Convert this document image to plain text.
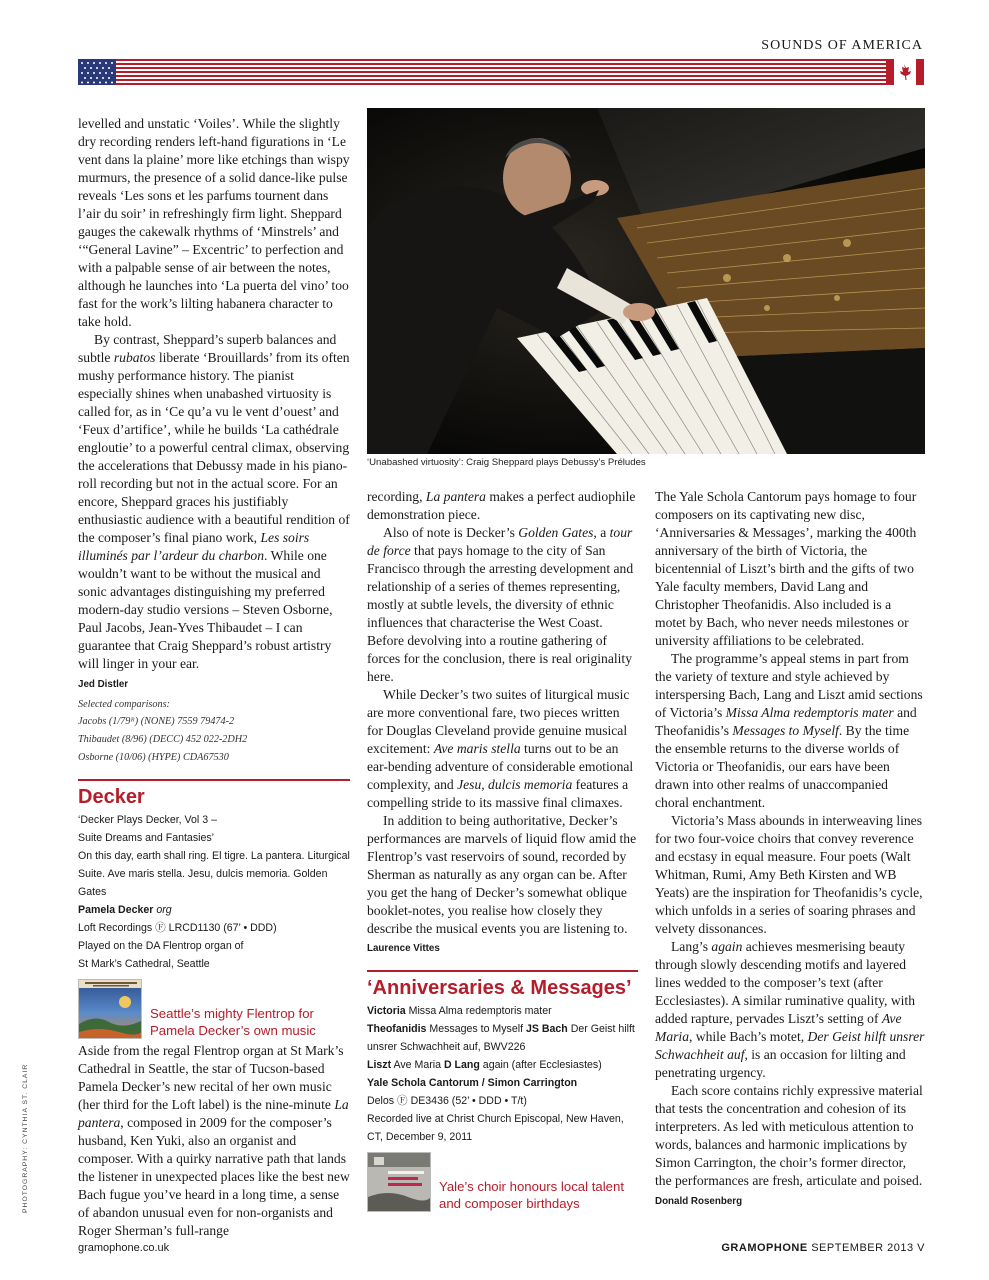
SOUNDS OF AMERICA

levelled and unstatic ‘Voiles’. While the slightly dry recording renders left-hand figurations in ‘Le vent dans la plaine’ more like etchings than wispy murmurs, the presence of a solid dance-like pulse reveals ‘Les sons et les parfums tournent dans l’air du soir’ in refreshingly firm light. Sheppard gauges the cakewalk rhythms of ‘Minstrels’ and ‘“General Lavine” – Excentric’ to perfection and with a palpable sense of air between the notes, although he launches into ‘La puerta del vino’ too fast for the work’s lilting habanera character to take hold.

By contrast, Sheppard’s superb balances and subtle rubatos liberate ‘Brouillards’ from its often mushy performance history. The pianist especially shines when unabashed virtuosity is called for, as in ‘Ce qu’a vu le vent d’ouest’ and ‘Feux d’artifice’, while he builds ‘La cathédrale engloutie’ to a powerful central climax, observing the accelerations that Debussy made in his piano-roll recording but not in the actual score. For an encore, Sheppard graces his justifiably enthusiastic audience with a beautiful rendition of the composer’s final piano work, Les soirs illuminés par l’ardeur du charbon. While one wouldn’t want to be without the musical and sonic advantages distinguishing my preferred modern-day studio versions – Steven Osborne, Paul Jacobs, Jean-Yves Thibaudet – I can guarantee that Craig Sheppard’s robust artistry will linger in your ear.

Jed Distler
Selected comparisons:
Jacobs (1/79ᴿ) (NONE) 7559 79474-2
Thibaudet (8/96) (DECC) 452 022-2DH2
Osborne (10/06) (HYPE) CDA67530
Decker
‘Decker Plays Decker, Vol 3 –
Suite Dreams and Fantasies’
On this day, earth shall ring. El tigre. La pantera. Liturgical Suite. Ave maris stella. Jesu, dulcis memoria. Golden Gates
Pamela Decker org
Loft Recordings Ⓕ LRCD1130 (67’ • DDD)
Played on the DA Flentrop organ of
St Mark’s Cathedral, Seattle
Seattle’s mighty Flentrop for Pamela Decker’s own music

Aside from the regal Flentrop organ at St Mark’s Cathedral in Seattle, the star of Tucson-based Pamela Decker’s new recital of her own music (her third for the Loft label) is the nine-minute La pantera, composed in 2009 for the composer’s husband, Ken Yuki, also an organist and composer. With a quirky narrative path that lands the listener in unexpected places like the best new Bach fugue you’ve heard in a long time, a sense of abandon unusual even for non-organists and Roger Sherman’s full-range

‘Unabashed virtuosity’: Craig Sheppard plays Debussy’s Préludes

recording, La pantera makes a perfect audiophile demonstration piece.

Also of note is Decker’s Golden Gates, a tour de force that pays homage to the city of San Francisco through the arresting development and relationship of a series of themes representing, mostly at subtle levels, the diversity of ethnic influences that characterise the West Coast. Before devolving into a routine gathering of forces for the conclusion, there is real originality here.

While Decker’s two suites of liturgical music are more conventional fare, two pieces written for Douglas Cleveland provide genuine musical excitement: Ave maris stella turns out to be an ear-bending adventure of considerable emotional complexity, and Jesu, dulcis memoria features a compelling stride to its massive final climaxes.

In addition to being authoritative, Decker’s performances are marvels of liquid flow amid the Flentrop’s vast reservoirs of sound, recorded by Sherman as naturally as any organ can be. After you get the hang of Decker’s somewhat oblique booklet-notes, you realise how closely they describe the musical events you are listening to. Laurence Vittes

‘Anniversaries & Messages’
Victoria Missa Alma redemptoris mater
Theofanidis Messages to Myself JS Bach Der Geist hilft unsrer Schwachheit auf, BWV226
Liszt Ave Maria D Lang again (after Ecclesiastes)
Yale Schola Cantorum / Simon Carrington
Delos Ⓕ DE3436 (52’ • DDD • T/t)
Recorded live at Christ Church Episcopal, New Haven, CT, December 9, 2011
Yale’s choir honours local talent and composer birthdays

The Yale Schola Cantorum pays homage to four composers on its captivating new disc, ‘Anniversaries & Messages’, marking the 400th anniversary of the birth of Victoria, the bicentennial of Liszt’s birth and the gifts of two Yale faculty members, David Lang and Christopher Theofanidis. Also included is a motet by Bach, who never needs milestones or university affiliations to be celebrated.

The programme’s appeal stems in part from the variety of texture and style achieved by interspersing Bach, Lang and Liszt amid sections of Victoria’s Missa Alma redemptoris mater and Theofanidis’s Messages to Myself. By the time the ensemble returns to the diverse worlds of Victoria or Theofanidis, our ears have been drawn into other realms of unaccompanied choral enchantment.

Victoria’s Mass abounds in interweaving lines for two four-voice choirs that convey reverence and ecstasy in equal measure. Four poets (Walt Whitman, Rumi, Amy Beth Kirsten and WB Yeats) are the inspiration for Theofanidis’s cycle, which unfolds in a series of soaring phrases and velvety dissonances.

Lang’s again achieves mesmerising beauty through slowly descending motifs and layered lines wedded to the composer’s text (after Ecclesiastes). A similar ruminative quality, with added rapture, pervades Liszt’s setting of Ave Maria, while Bach’s motet, Der Geist hilft unsrer Schwachheit auf, is an occasion for lilting and penetrating urgency.

Each score contains richly expressive material that tests the concentration and cohesion of its interpreters. As led with meticulous attention to words, balances and harmonic implications by Simon Carrington, the choir’s former director, the performances are fresh, articulate and poised.

Donald Rosenberg
PHOTOGRAPHY: CYNTHIA ST. CLAIR
gramophone.co.uk	GRAMOPHONE SEPTEMBER 2013 V
